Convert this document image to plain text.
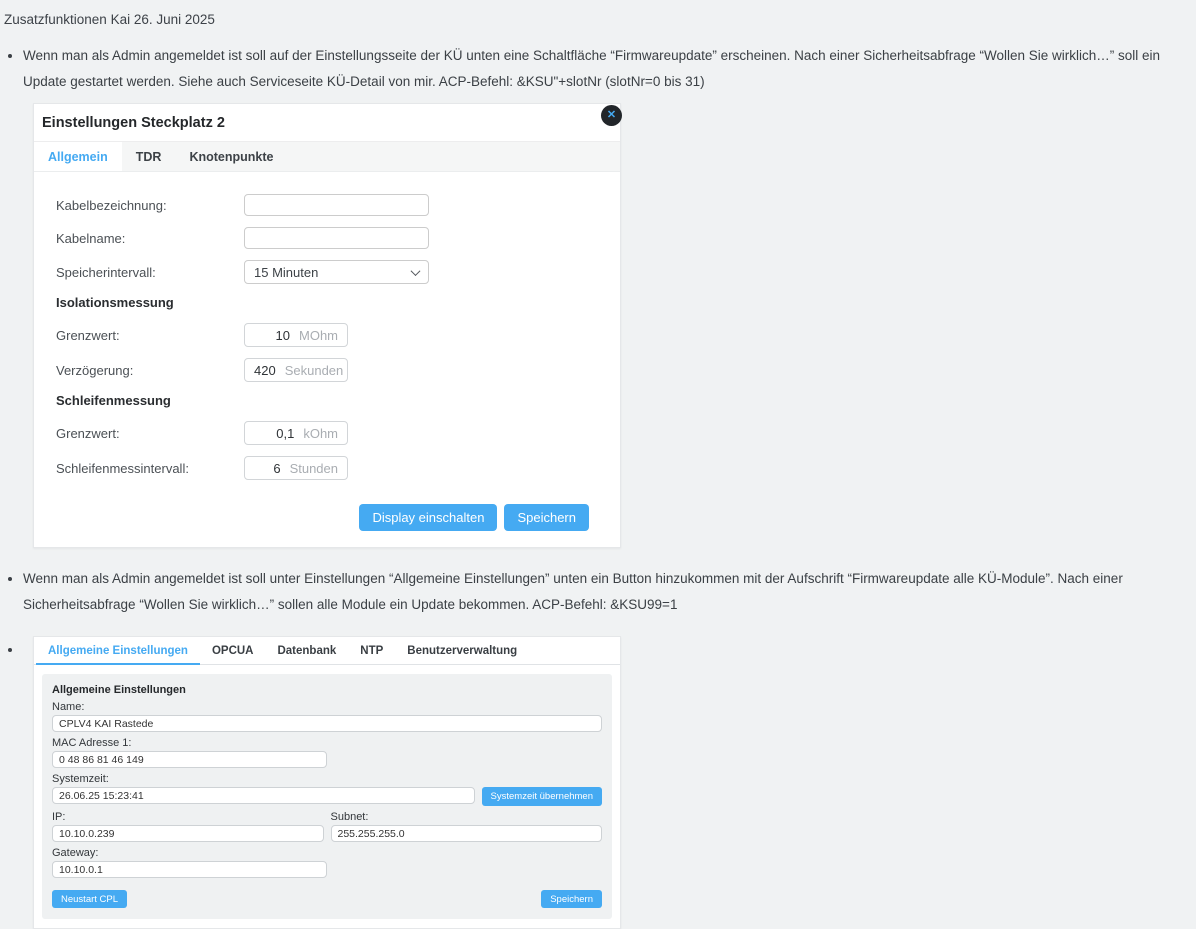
Zusatzfunktionen Kai 26. Juni 2025
• Wenn man als Admin angemeldet ist soll auf der Einstellungsseite der KÜ unten eine Schaltfläche “Firmwareupdate” erscheinen. Nach einer Sicherheitsabfrage “Wollen Sie wirklich…” soll ein Update gestartet werden. Siehe auch Serviceseite KÜ-Detail von mir. ACP-Befehl: &KSU"+slotNr (slotNr=0 bis 31)
Einstellungen Steckplatz 2	✕
Allgemein	TDR	Knotenpunkte
Kabelbezeichnung:
Kabelname:
Speicherintervall:	15 Minuten
Isolationsmessung
Grenzwert:	10 MOhm
Verzögerung:	420 Sekunden
Schleifenmessung
Grenzwert:	0,1 kOhm
Schleifenmessintervall:	6 Stunden
Display einschalten	Speichern
• Wenn man als Admin angemeldet ist soll unter Einstellungen “Allgemeine Einstellungen” unten ein Button hinzukommen mit der Aufschrift “Firmwareupdate alle KÜ-Module”. Nach einer Sicherheitsabfrage “Wollen Sie wirklich…” sollen alle Module ein Update bekommen. ACP-Befehl: &KSU99=1
• Allgemeine Einstellungen	OPCUA	Datenbank	NTP	Benutzerverwaltung
Allgemeine Einstellungen
Name:
CPLV4 KAI Rastede
MAC Adresse 1:
0 48 86 81 46 149
Systemzeit:
26.06.25 15:23:41
Systemzeit übernehmen
IP:
10.10.0.239	Subnet:
255.255.255.0
Gateway:
10.10.0.1
Neustart CPL	Speichern
